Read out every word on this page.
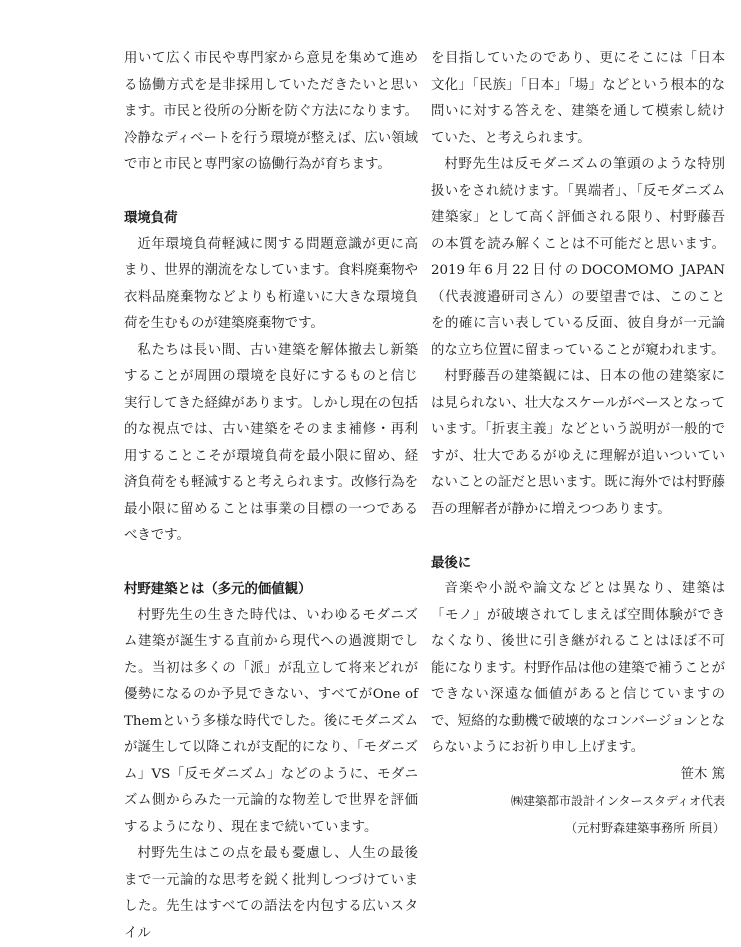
用いて広く市民や専門家から意見を集めて進める協働方式を是非採用していただきたいと思います。市民と役所の分断を防ぐ方法になります。冷静なディベートを行う環境が整えば、広い領域で市と市民と専門家の協働行為が育ちます。

環境負荷

近年環境負荷軽減に関する問題意識が更に高まり、世界的潮流をなしています。食料廃棄物や衣料品廃棄物などよりも桁違いに大きな環境負荷を生むものが建築廃棄物です。

私たちは長い間、古い建築を解体撤去し新築することが周囲の環境を良好にするものと信じ実行してきた経緯があります。しかし現在の包括的な視点では、古い建築をそのまま補修・再利用することこそが環境負荷を最小限に留め、経済負荷をも軽減すると考えられます。改修行為を最小限に留めることは事業の目標の一つであるべきです。

村野建築とは（多元的価値観）

村野先生の生きた時代は、いわゆるモダニズム建築が誕生する直前から現代への過渡期でした。当初は多くの「派」が乱立して将来どれが優勢になるのか予見できない、すべてがOne of Themという多様な時代でした。後にモダニズムが誕生して以降これが支配的になり、「モダニズム」VS「反モダニズム」などのように、モダニズム側からみた一元論的な物差しで世界を評価するようになり、現在まで続いています。

村野先生はこの点を最も憂慮し、人生の最後まで一元論的な思考を鋭く批判しつづけていました。先生はすべての語法を内包する広いスタイル

を目指していたのであり、更にそこには「日本文化」「民族」「日本」「場」などという根本的な問いに対する答えを、建築を通して模索し続けていた、と考えられます。

村野先生は反モダニズムの筆頭のような特別扱いをされ続けます。「異端者」、「反モダニズム建築家」として高く評価される限り、村野藤吾の本質を読み解くことは不可能だと思います。2019年6月22日付のDOCOMOMO JAPAN（代表渡邉研司さん）の要望書では、このことを的確に言い表している反面、彼自身が一元論的な立ち位置に留まっていることが窺われます。

村野藤吾の建築観には、日本の他の建築家には見られない、壮大なスケールがベースとなっています。「折衷主義」などという説明が一般的ですが、壮大であるがゆえに理解が追いついていないことの証だと思います。既に海外では村野藤吾の理解者が静かに増えつつあります。

最後に

音楽や小説や論文などとは異なり、建築は「モノ」が破壊されてしまえば空間体験ができなくなり、後世に引き継がれることはほぼ不可能になります。村野作品は他の建築で補うことができない深遠な価値があると信じていますので、短絡的な動機で破壊的なコンバージョンとならないようにお祈り申し上げます。

笹木 篤

㈱建築都市設計インタースタディオ代表

（元村野森建築事務所 所員）
